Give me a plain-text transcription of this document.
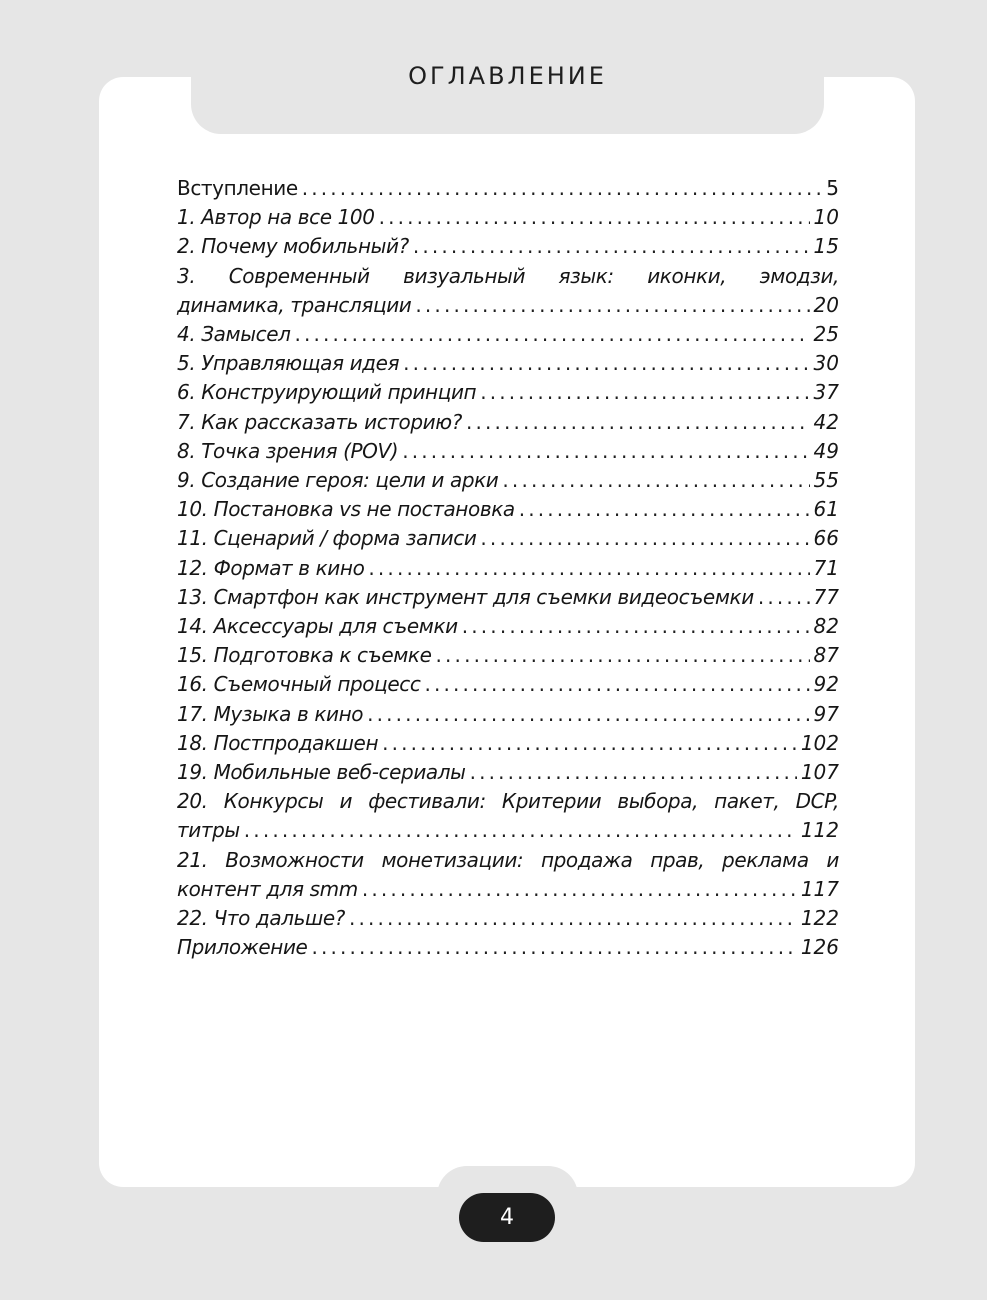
ОГЛАВЛЕНИЕ
Вступление . . .	5
1. Автор на все 100 . . .	10
2. Почему мобильный? . . .	15
3. Современный визуальный язык: иконки, эмодзи,
динамика, трансляции . . .	20
4. Замысел . . .	25
5. Управляющая идея . . .	30
6. Конструирующий принцип . . .	37
7. Как рассказать историю? . . .	42
8. Точка зрения (POV) . . .	49
9. Создание героя: цели и арки . . .	55
10. Постановка vs не постановка . . .	61
11. Сценарий / форма записи . . .	66
12. Формат в кино . . .	71
13. Смартфон как инструмент для съемки видеосъемки . . .	77
14. Аксессуары для съемки . . .	82
15. Подготовка к съемке . . .	87
16. Съемочный процесс . . .	92
17. Музыка в кино . . .	97
18. Постпродакшен . . .	102
19. Мобильные веб-сериалы . . .	107
20. Конкурсы и фестивали: Критерии выбора, пакет, DCP,
титры . . .	112
21. Возможности монетизации: продажа прав, реклама и
контент для smm . . .	117
22. Что дальше? . . .	122
Приложение . . .	126
4
